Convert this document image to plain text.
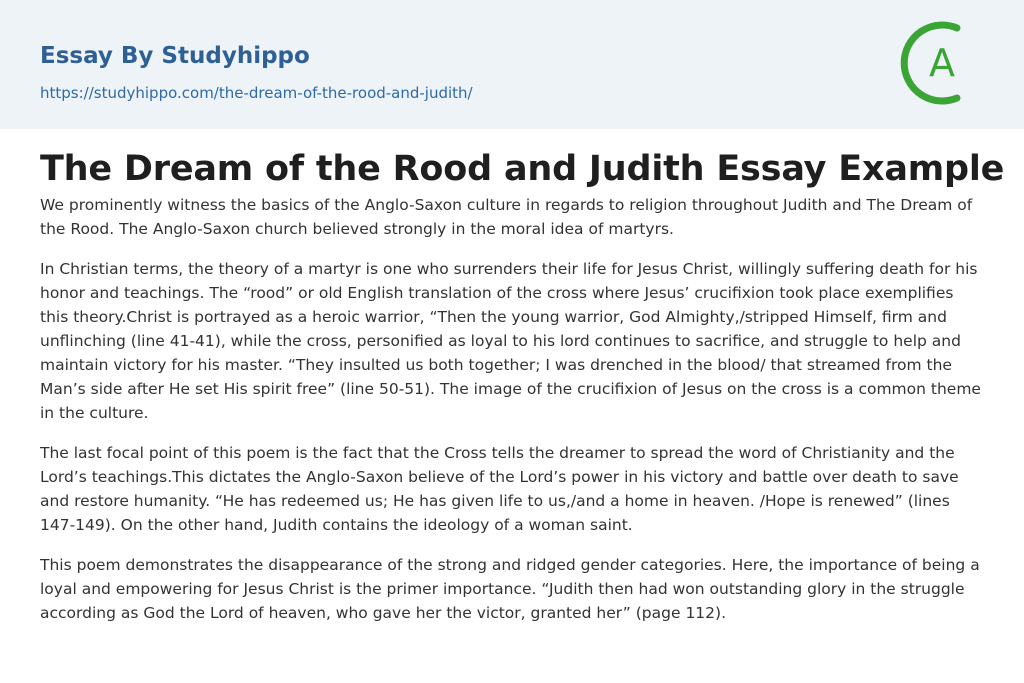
Essay By Studyhippo
https://studyhippo.com/the-dream-of-the-rood-and-judith/
A
The Dream of the Rood and Judith Essay Example

We prominently witness the basics of the Anglo-Saxon culture in regards to religion throughout Judith and The Dream of the Rood. The Anglo-Saxon church believed strongly in the moral idea of martyrs.

In Christian terms, the theory of a martyr is one who surrenders their life for Jesus Christ, willingly suffering death for his honor and teachings. The “rood” or old English translation of the cross where Jesus’ crucifixion took place exemplifies this theory.Christ is portrayed as a heroic warrior, “Then the young warrior, God Almighty,/stripped Himself, firm and unflinching (line 41-41), while the cross, personified as loyal to his lord continues to sacrifice, and struggle to help and maintain victory for his master. “They insulted us both together; I was drenched in the blood/ that streamed from the Man’s side after He set His spirit free” (line 50-51). The image of the crucifixion of Jesus on the cross is a common theme in the culture.

The last focal point of this poem is the fact that the Cross tells the dreamer to spread the word of Christianity and the Lord’s teachings.This dictates the Anglo-Saxon believe of the Lord’s power in his victory and battle over death to save and restore humanity. “He has redeemed us; He has given life to us,/and a home in heaven. /Hope is renewed” (lines 147-149). On the other hand, Judith contains the ideology of a woman saint.

This poem demonstrates the disappearance of the strong and ridged gender categories. Here, the importance of being a loyal and empowering for Jesus Christ is the primer importance. “Judith then had won outstanding glory in the struggle according as God the Lord of heaven, who gave her the victor, granted her” (page 112).
